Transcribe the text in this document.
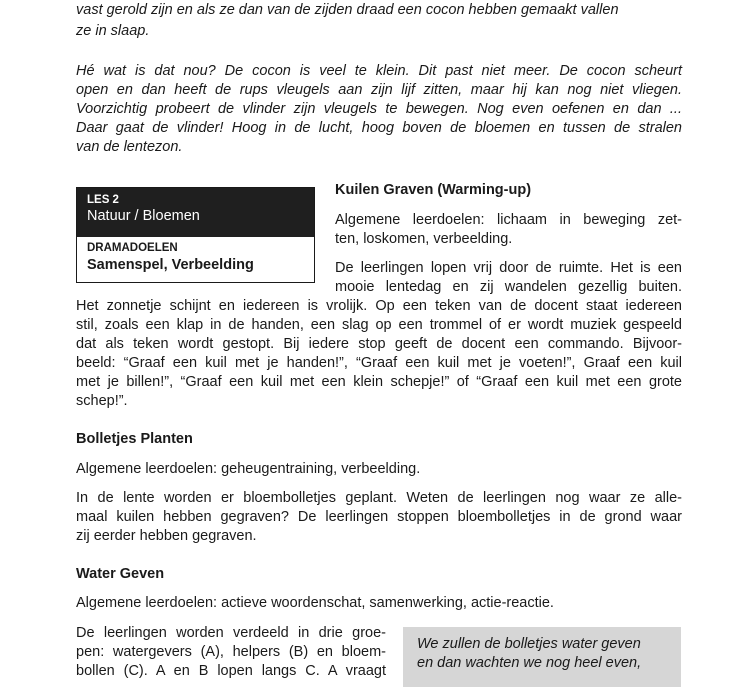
vast gerold zijn en als ze dan van de zijden draad een cocon hebben gemaakt vallen

ze in slaap.

Hé wat is dat nou? De cocon is veel te klein. Dit past niet meer. De cocon scheurt

open en dan heeft de rups vleugels aan zijn lijf zitten, maar hij kan nog niet vliegen.

Voorzichtig probeert de vlinder zijn vleugels te bewegen. Nog even oefenen en dan ...

Daar gaat de vlinder! Hoog in de lucht, hoog boven de bloemen en tussen de stralen

van de lentezon.

LES 2
Natuur / Bloemen
DRAMADOELEN
Samenspel, Verbeelding

Kuilen Graven (Warming-up)

Algemene leerdoelen: lichaam in beweging zet-

ten, loskomen, verbeelding.

De leerlingen lopen vrij door de ruimte. Het is een

mooie lentedag en zij wandelen gezellig buiten.

Het zonnetje schijnt en iedereen is vrolijk. Op een teken van de docent staat iedereen

stil, zoals een klap in de handen, een slag op een trommel of er wordt muziek gespeeld

dat als teken wordt gestopt. Bij iedere stop geeft de docent een commando. Bijvoor-

beeld: “Graaf een kuil met je handen!”, “Graaf een kuil met je voeten!”, Graaf een kuil

met je billen!”, “Graaf een kuil met een klein schepje!” of “Graaf een kuil met een grote

schep!”.

Bolletjes Planten

Algemene leerdoelen: geheugentraining, verbeelding.

In de lente worden er bloembolletjes geplant. Weten de leerlingen nog waar ze alle-

maal kuilen hebben gegraven? De leerlingen stoppen bloembolletjes in de grond waar

zij eerder hebben gegraven.

Water Geven

Algemene leerdoelen: actieve woordenschat, samenwerking, actie-reactie.

De leerlingen worden verdeeld in drie groe-

pen: watergevers (A), helpers (B) en bloem-

bollen (C). A en B lopen langs C. A vraagt

We zullen de bolletjes water geven
en dan wachten we nog heel even,
